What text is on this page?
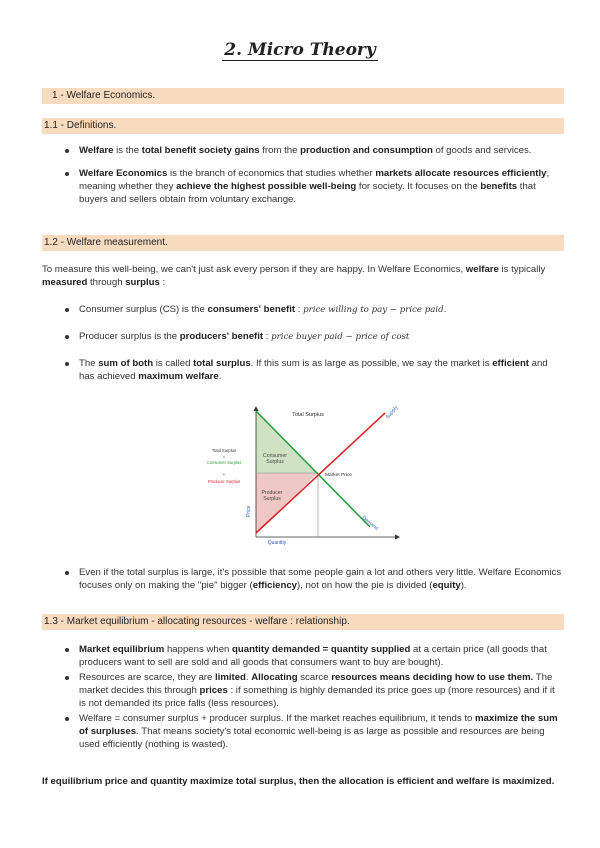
2. Micro Theory
1 - Welfare Economics.
1.1 - Definitions.
Welfare is the total benefit society gains from the production and consumption of goods and services.
Welfare Economics is the branch of economics that studies whether markets allocate resources efficiently, meaning whether they achieve the highest possible well-being for society. It focuses on the benefits that buyers and sellers obtain from voluntary exchange.
1.2 - Welfare measurement.
To measure this well-being, we can't just ask every person if they are happy. In Welfare Economics, welfare is typically measured through surplus :
Consumer surplus (CS) is the consumers' benefit : price willing to pay − price paid.
Producer surplus is the producers' benefit : price buyer paid − price of cost
The sum of both is called total surplus. If this sum is as large as possible, we say the market is efficient and has achieved maximum welfare.
Total Surplus	Supply
Demand
Consumer
Surplus
Producer
Surplus
Market Price
Quantity
Price
Total Surplus
=
Consumer Surplus
+
Producer Surplus
Even if the total surplus is large, it's possible that some people gain a lot and others very little. Welfare Economics focuses only on making the "pie" bigger (efficiency), not on how the pie is divided (equity).
1.3 - Market equilibrium - allocating resources - welfare : relationship.
Market equilibrium happens when quantity demanded = quantity supplied at a certain price (all goods that producers want to sell are sold and all goods that consumers want to buy are bought).
Resources are scarce, they are limited. Allocating scarce resources means deciding how to use them. The market decides this through prices : if something is highly demanded its price goes up (more resources) and if it is not demanded its price falls (less resources).
Welfare = consumer surplus + producer surplus. If the market reaches equilibrium, it tends to maximize the sum of surpluses. That means society's total economic well-being is as large as possible and resources are being used efficiently (nothing is wasted).
If equilibrium price and quantity maximize total surplus, then the allocation is efficient and welfare is maximized.
